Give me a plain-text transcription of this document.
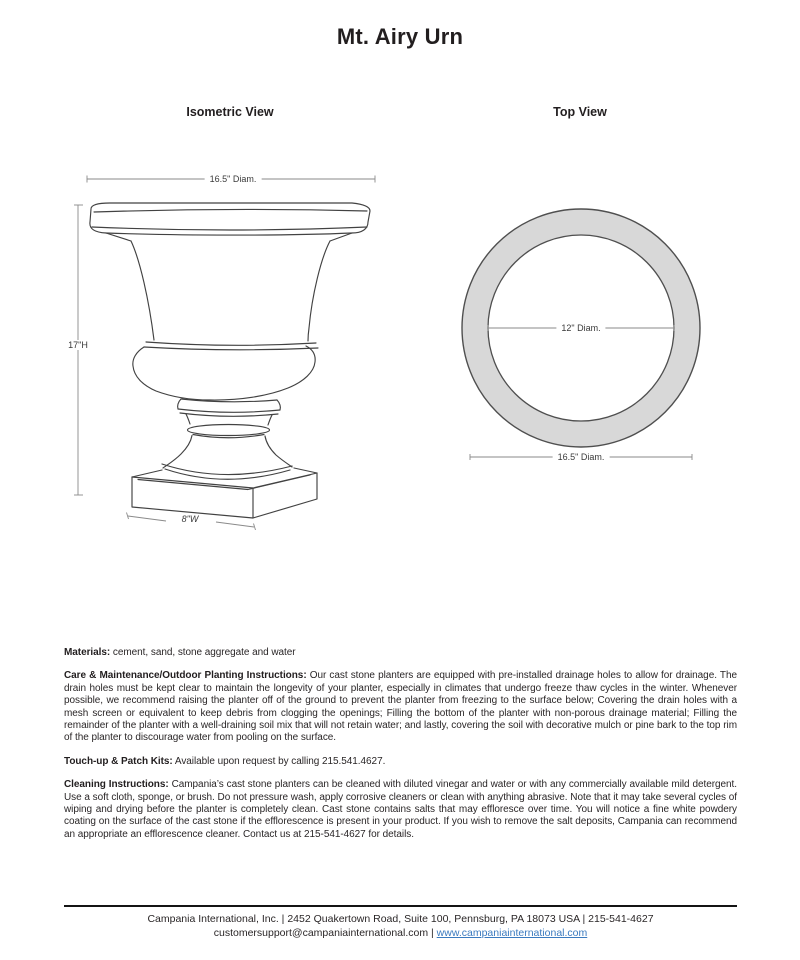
Mt. Airy Urn
Isometric View	Top View
16.5" Diam.
17"H
8"W
12" Diam.
16.5" Diam.

Materials: cement, sand, stone aggregate and water

Care & Maintenance/Outdoor Planting Instructions: Our cast stone planters are equipped with pre-installed drainage holes to allow for drainage. The drain holes must be kept clear to maintain the longevity of your planter, especially in climates that undergo freeze thaw cycles in the winter. Whenever possible, we recommend raising the planter off of the ground to prevent the planter from freezing to the surface below; Covering the drain holes with a mesh screen or equivalent to keep debris from clogging the openings; Filling the bottom of the planter with non-porous drainage material; Filling the remainder of the planter with a well-draining soil mix that will not retain water; and lastly, covering the soil with decorative mulch or pine bark to the top rim of the planter to discourage water from pooling on the surface.

Touch-up & Patch Kits: Available upon request by calling 215.541.4627.

Cleaning Instructions: Campania’s cast stone planters can be cleaned with diluted vinegar and water or with any commercially available mild detergent. Use a soft cloth, sponge, or brush. Do not pressure wash, apply corrosive cleaners or clean with anything abrasive. Note that it may take several cycles of wiping and drying before the planter is completely clean. Cast stone contains salts that may effloresce over time. You will notice a fine white powdery coating on the surface of the cast stone if the efflorescence is present in your product. If you wish to remove the salt deposits, Campania can recommend an appropriate an efflorescence cleaner. Contact us at 215-541-4627 for details.

Campania International, Inc. | 2452 Quakertown Road, Suite 100, Pennsburg, PA 18073 USA | 215-541-4627
customersupport@campaniainternational.com | www.campaniainternational.com
